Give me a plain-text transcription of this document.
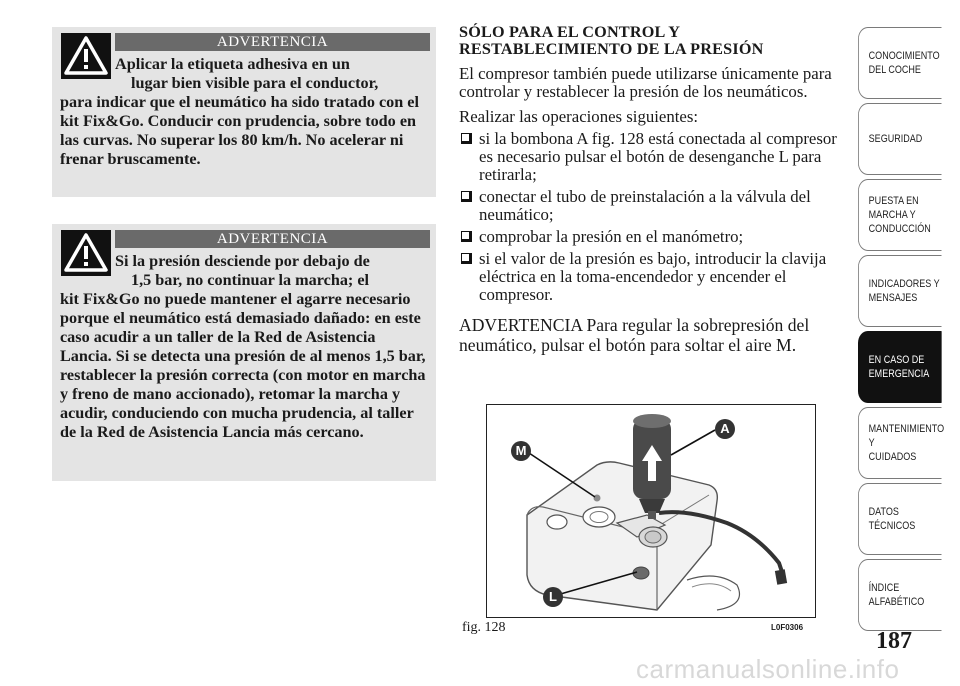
ADVERTENCIA
Aplicar la etiqueta adhesiva en un
lugar bien visible para el conductor,
para indicar que el neumático ha sido tratado con el kit Fix&Go. Conducir con prudencia, sobre todo en las curvas. No superar los 80 km/h. No acelerar ni frenar bruscamente.
ADVERTENCIA
Si la presión desciende por debajo de
1,5 bar, no continuar la marcha; el
kit Fix&Go no puede mantener el agarre necesario porque el neumático está demasiado dañado: en este caso acudir a un taller de la Red de Asistencia Lancia. Si se detecta una presión de al menos 1,5 bar, restablecer la presión correcta (con motor en marcha y freno de mano accionado), retomar la marcha y acudir, conduciendo con mucha prudencia, al taller de la Red de Asistencia Lancia más cercano.
SÓLO PARA EL CONTROL Y RESTABLECIMIENTO DE LA PRESIÓN
El compresor también puede utilizarse únicamente para controlar y restablecer la presión de los neumáticos.
Realizar las operaciones siguientes:
si la bombona A fig. 128 está conectada al compresor es necesario pulsar el botón de desenganche L para retirarla;
conectar el tubo de preinstalación a la válvula del neumático;
comprobar la presión en el manómetro;
si el valor de la presión es bajo, introducir la clavija eléctrica en la toma-encendedor y encender el compresor.
ADVERTENCIA Para regular la sobrepresión del neumático, pulsar el botón para soltar el aire M.
M
A
L
fig. 128	L0F0306
CONOCIMIENTO
DEL COCHE
SEGURIDAD
PUESTA EN
MARCHA Y
CONDUCCIÓN
INDICADORES Y
MENSAJES
EN CASO DE
EMERGENCIA
MANTENIMIENTO Y
CUIDADOS
DATOS TÉCNICOS
ÍNDICE
ALFABÉTICO
187
carmanualsonline.info
